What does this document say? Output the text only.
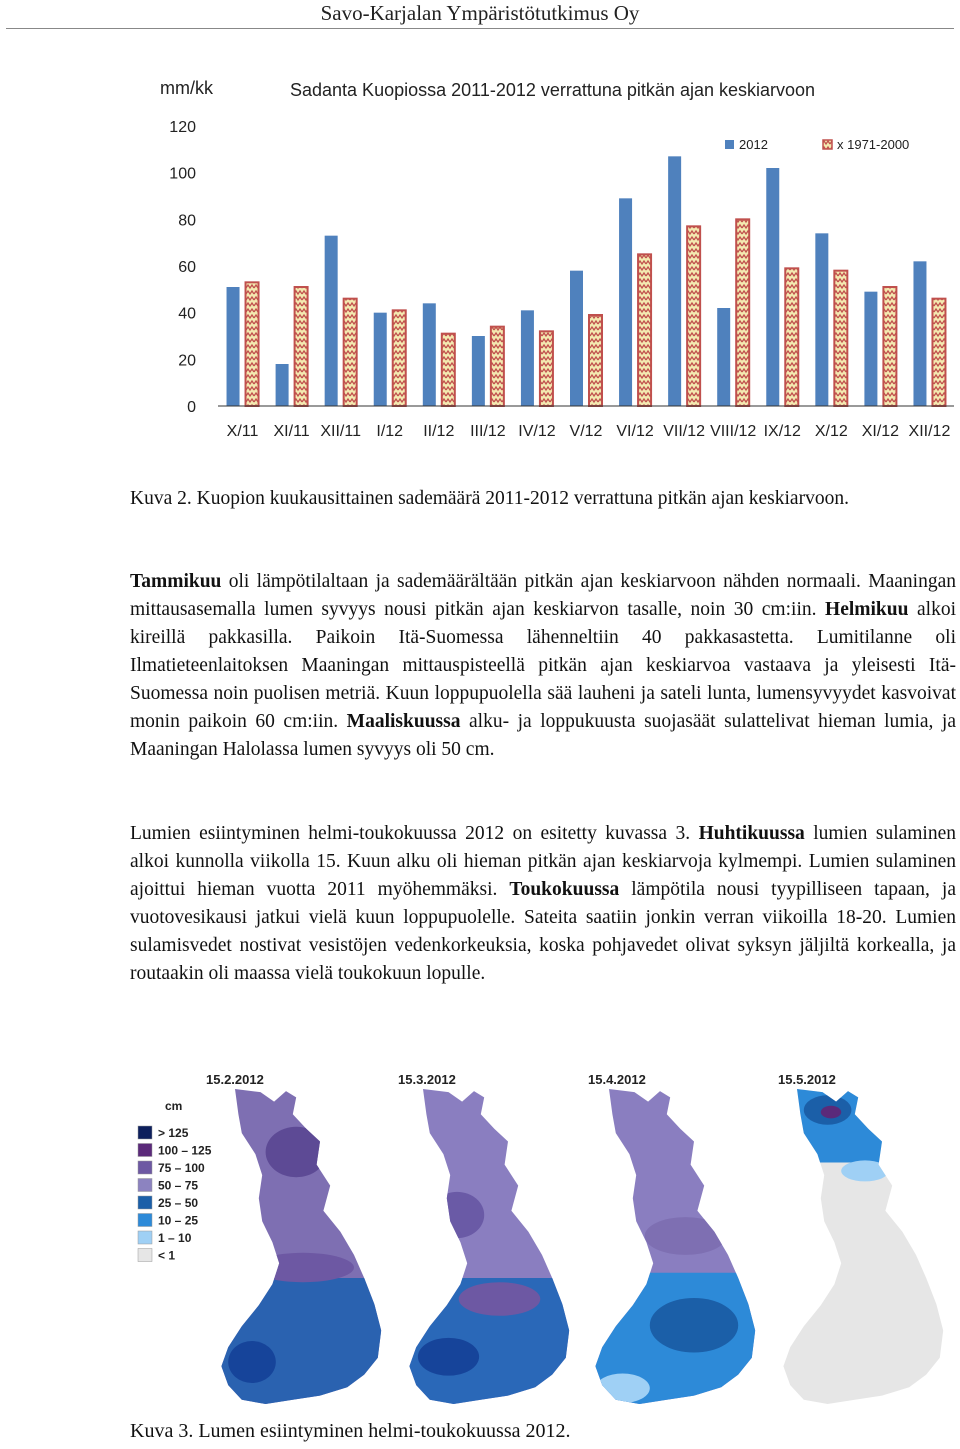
Savo-Karjalan Ympäristötutkimus Oy
mm/kk	Sadanta Kuopiossa 2011-2012 verrattuna pitkän ajan keskiarvoon
0
20
40
60
80
100
120
X/11 XI/11 XII/11 I/12 II/12 III/12 IV/12 V/12 VI/12 VII/12 VIII/12 IX/12 X/12 XI/12 XII/12
2012	x 1971-2000

Kuva 2. Kuopion kuukausittainen sademäärä 2011-2012 verrattuna pitkän ajan keskiarvoon.

Tammikuu oli lämpötilaltaan ja sademäärältään pitkän ajan keskiarvoon nähden normaali. Maaningan mittausasemalla lumen syvyys nousi pitkän ajan keskiarvon tasalle, noin 30 cm:iin. Helmikuu alkoi kireillä pakkasilla. Paikoin Itä-Suomessa lähenneltiin 40 pakkasastetta. Lumitilanne oli Ilmatieteenlaitoksen Maaningan mittauspisteellä pitkän ajan keskiarvoa vastaava ja yleisesti Itä-Suomessa noin puolisen metriä. Kuun loppupuolella sää lauheni ja sateli lunta, lumensyvyydet kasvoivat monin paikoin 60 cm:iin. Maaliskuussa alku- ja loppukuusta suojasäät sulattelivat hieman lumia, ja Maaningan Halolassa lumen syvyys oli 50 cm.

Lumien esiintyminen helmi-toukokuussa 2012 on esitetty kuvassa 3. Huhtikuussa lumien sulaminen alkoi kunnolla viikolla 15. Kuun alku oli hieman pitkän ajan keskiarvoja kylmempi. Lumien sulaminen ajoittui hieman vuotta 2011 myöhemmäksi. Toukokuussa lämpötila nousi tyypilliseen tapaan, ja vuotovesikausi jatkui vielä kuun loppupuolelle. Sateita saatiin jonkin verran viikoilla 18-20. Lumien sulamisvedet nostivat vesistöjen vedenkorkeuksia, koska pohjavedet olivat syksyn jäljiltä korkealla, ja routaakin oli maassa vielä toukokuun lopulle.

cm
> 125
100 – 125
75 – 100
50 – 75
25 – 50
10 – 25
1 – 10
< 1
15.2.2012	15.3.2012	15.4.2012	15.5.2012

Kuva 3. Lumen esiintyminen helmi-toukokuussa 2012.
